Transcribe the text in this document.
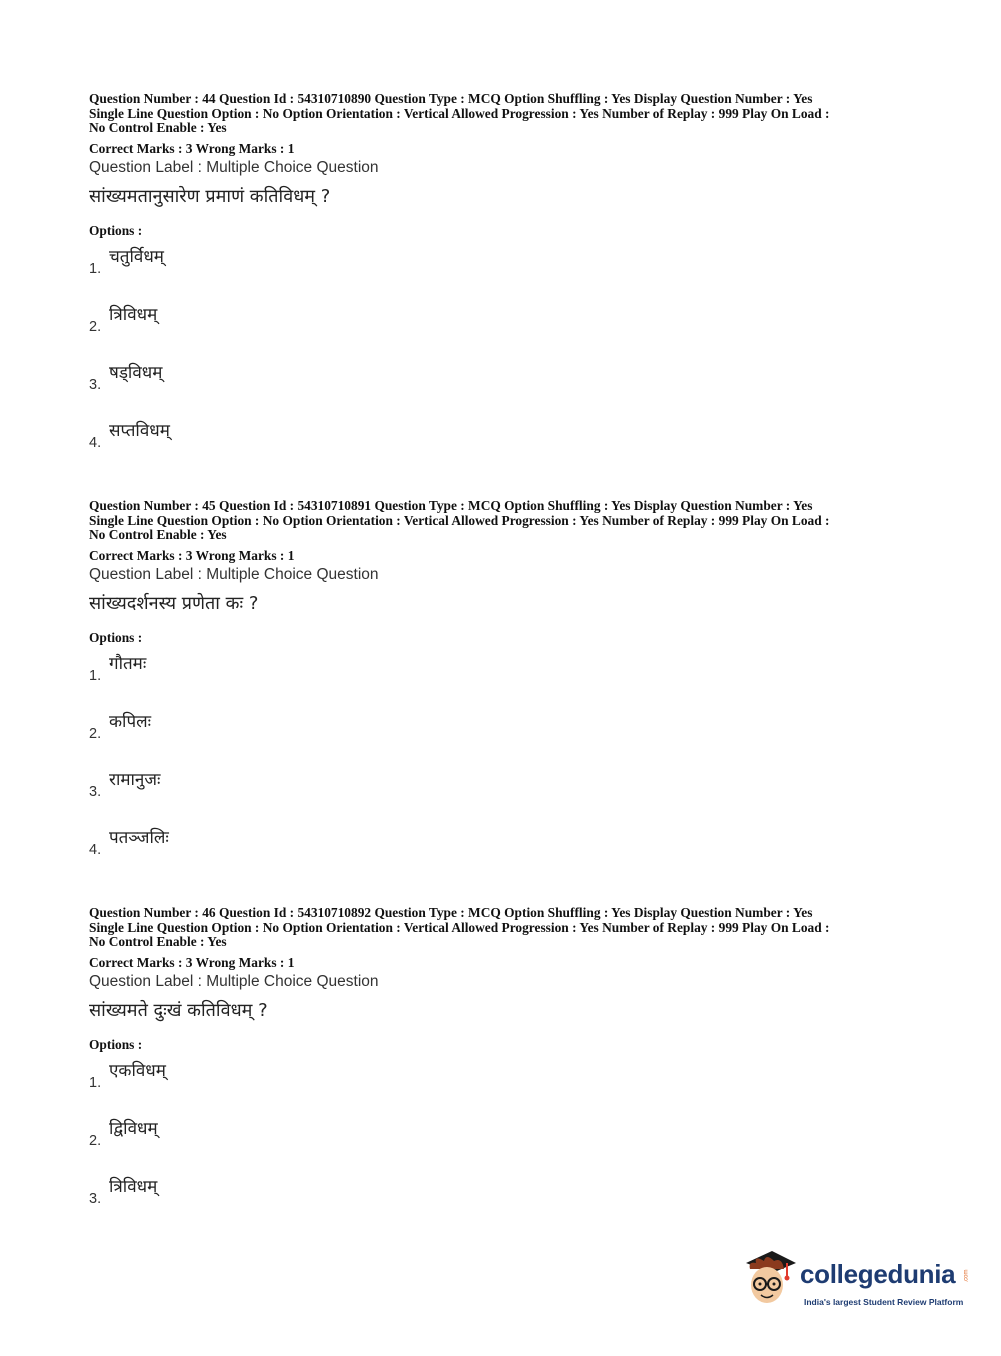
Question Number : 44 Question Id : 54310710890 Question Type : MCQ Option Shuffling : Yes Display Question Number : Yes
Single Line Question Option : No Option Orientation : Vertical Allowed Progression : Yes Number of Replay : 999 Play On Load :
No Control Enable : Yes
Correct Marks : 3 Wrong Marks : 1
Question Label : Multiple Choice Question
सांख्यमतानुसारेण प्रमाणं कतिविधम् ?
Options :
1.
चतुर्विधम्
2.
त्रिविधम्
3.
षड्विधम्
4.
सप्तविधम्
Question Number : 45 Question Id : 54310710891 Question Type : MCQ Option Shuffling : Yes Display Question Number : Yes
Single Line Question Option : No Option Orientation : Vertical Allowed Progression : Yes Number of Replay : 999 Play On Load :
No Control Enable : Yes
Correct Marks : 3 Wrong Marks : 1
Question Label : Multiple Choice Question
सांख्यदर्शनस्य प्रणेता कः ?
Options :
1.
गौतमः
2.
कपिलः
3.
रामानुजः
4.
पतञ्जलिः
Question Number : 46 Question Id : 54310710892 Question Type : MCQ Option Shuffling : Yes Display Question Number : Yes
Single Line Question Option : No Option Orientation : Vertical Allowed Progression : Yes Number of Replay : 999 Play On Load :
No Control Enable : Yes
Correct Marks : 3 Wrong Marks : 1
Question Label : Multiple Choice Question
सांख्यमते दुःखं कतिविधम् ?
Options :
1.
एकविधम्
2.
द्विविधम्
3.
त्रिविधम्
collegedunia .com
India's largest Student Review Platform
